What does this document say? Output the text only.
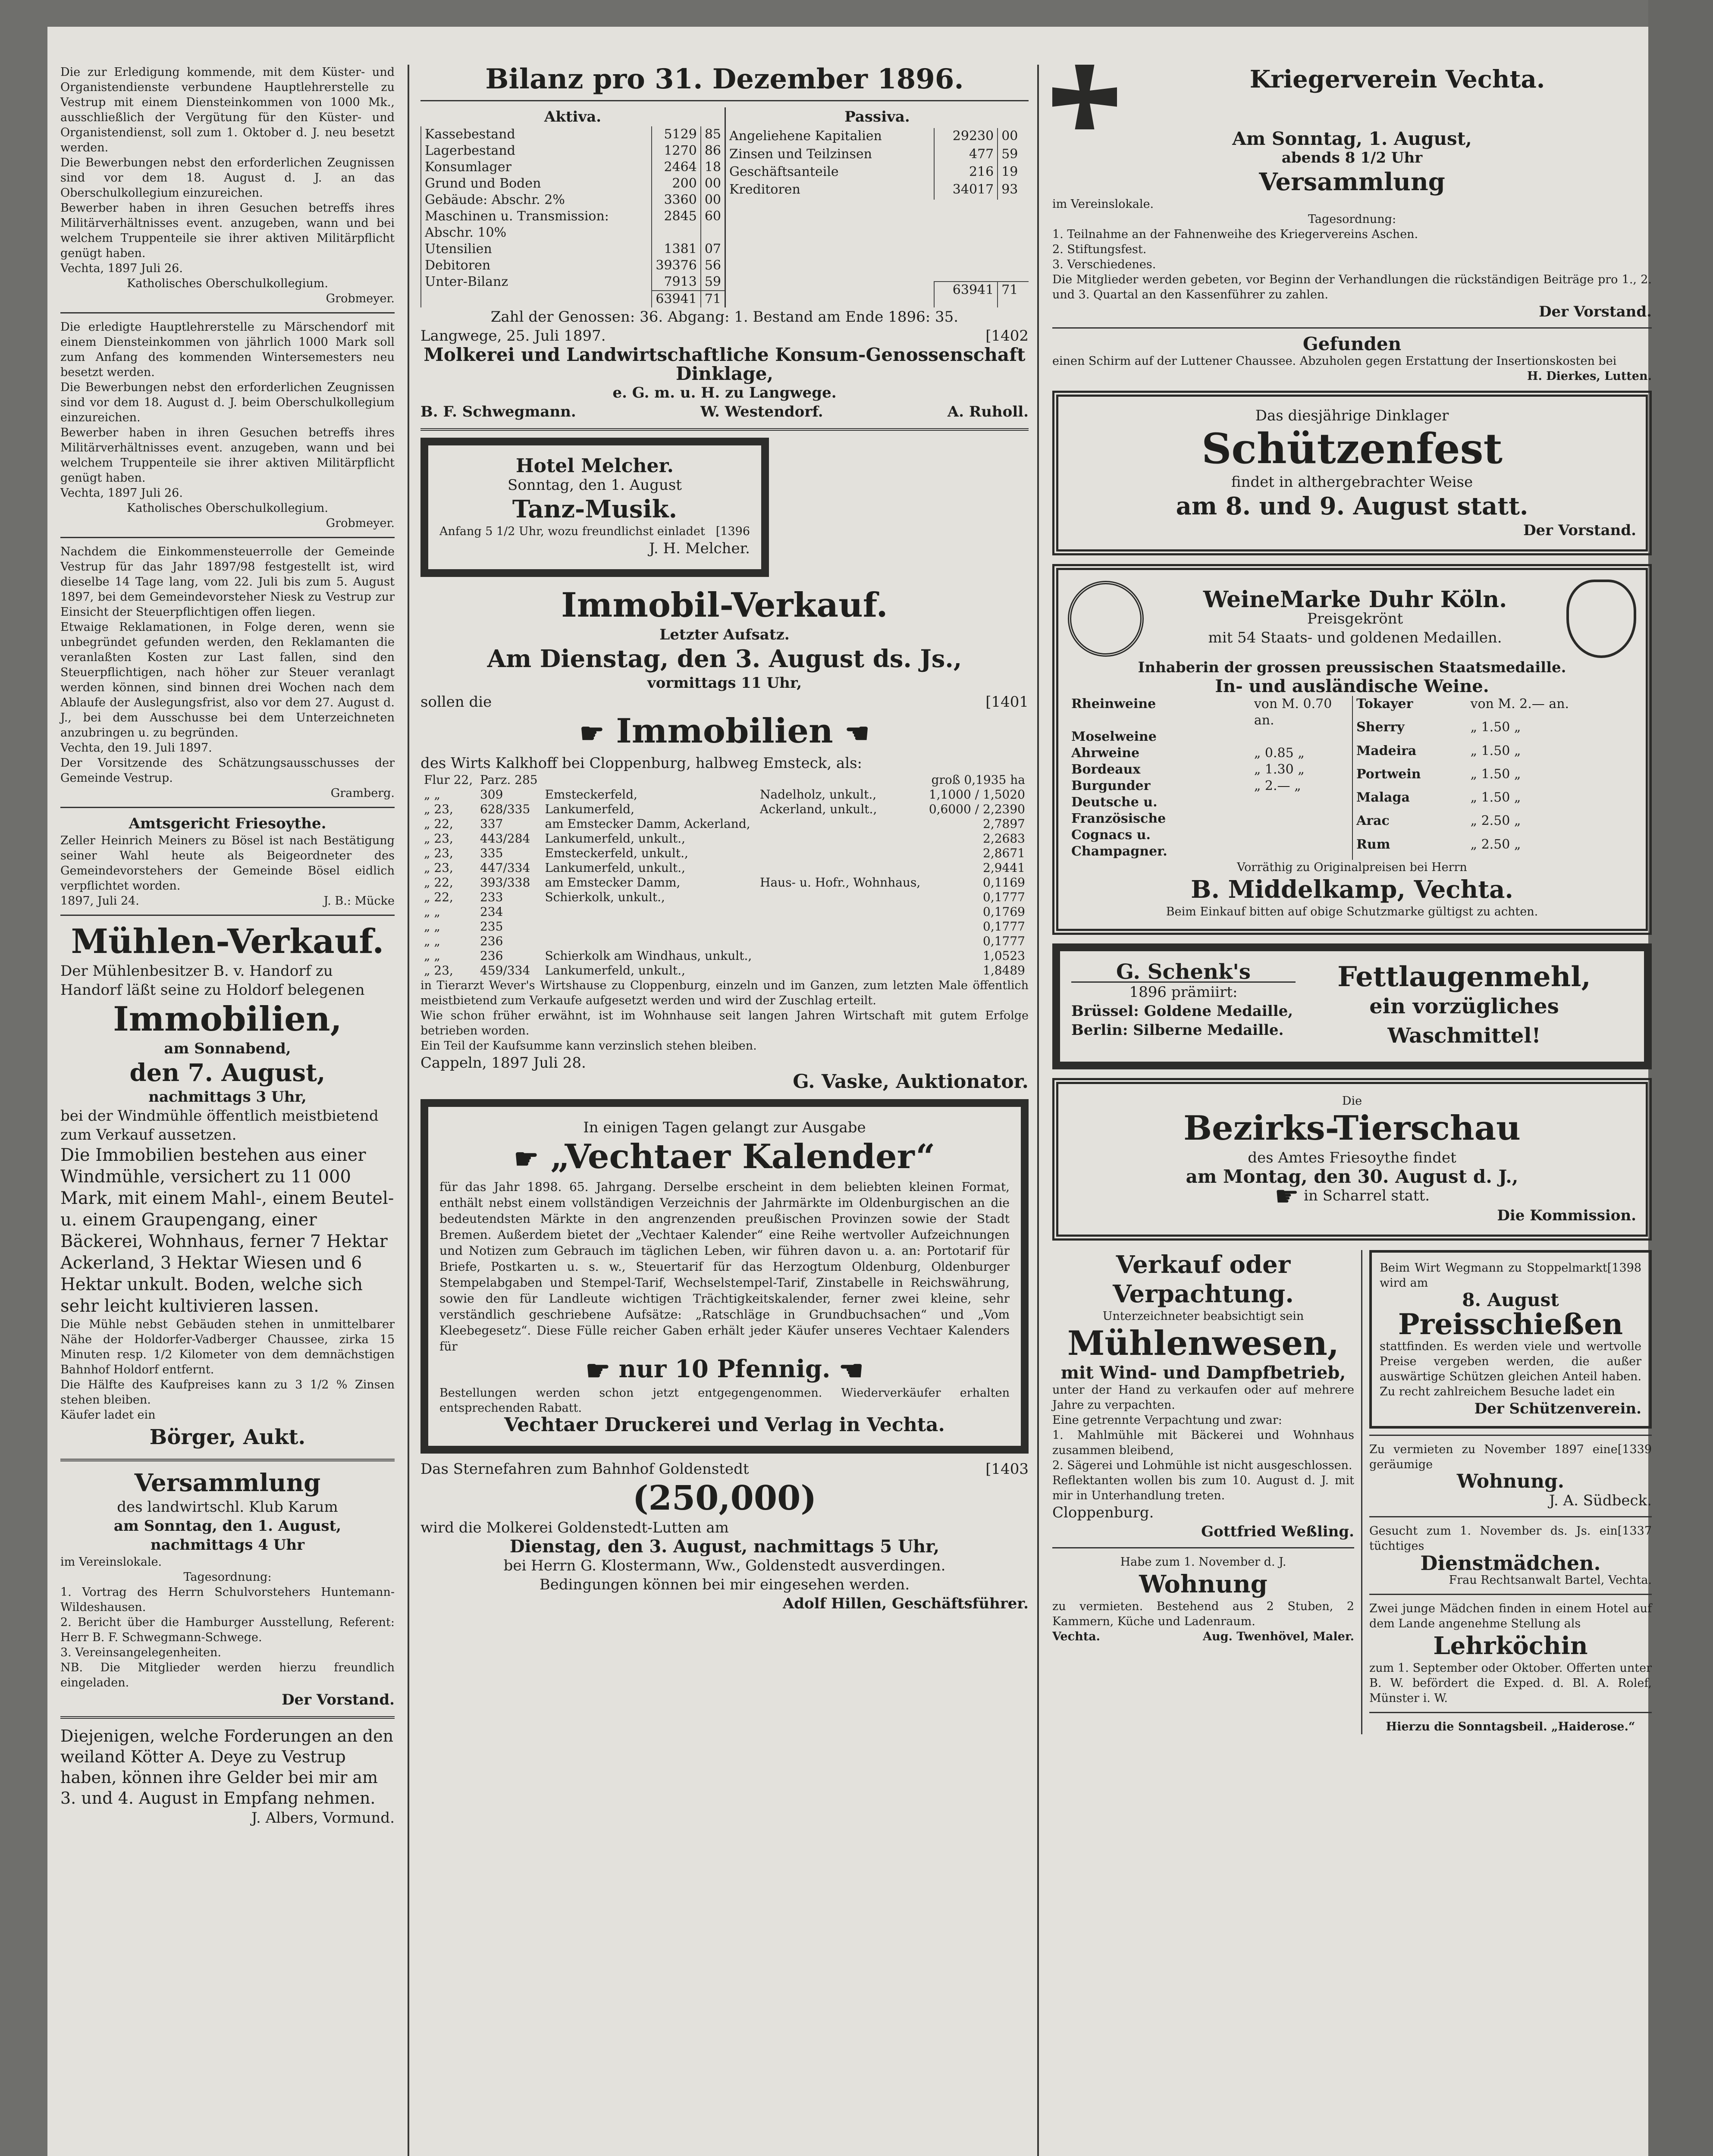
Die zur Erledigung kommende, mit dem Küster- und Organistendienste verbundene Hauptlehrerstelle zu Vestrup mit einem Diensteinkommen von 1000 Mk., ausschließlich der Vergütung für den Küster- und Organistendienst, soll zum 1. Oktober d. J. neu besetzt werden.

Die Bewerbungen nebst den erforderlichen Zeugnissen sind vor dem 18. August d. J. an das Oberschulkollegium einzureichen.

Bewerber haben in ihren Gesuchen betreffs ihres Militärverhältnisses event. anzugeben, wann und bei welchem Truppenteile sie ihrer aktiven Militärpflicht genügt haben.

Vechta, 1897 Juli 26.

Katholisches Oberschulkollegium.

Grobmeyer.

Die erledigte Hauptlehrerstelle zu Märschendorf mit einem Diensteinkommen von jährlich 1000 Mark soll zum Anfang des kommenden Wintersemesters neu besetzt werden.

Die Bewerbungen nebst den erforderlichen Zeugnissen sind vor dem 18. August d. J. beim Oberschulkollegium einzureichen.

Bewerber haben in ihren Gesuchen betreffs ihres Militärverhältnisses event. anzugeben, wann und bei welchem Truppenteile sie ihrer aktiven Militärpflicht genügt haben.

Vechta, 1897 Juli 26.

Katholisches Oberschulkollegium.

Grobmeyer.

Nachdem die Einkommensteuerrolle der Gemeinde Vestrup für das Jahr 1897/98 festgestellt ist, wird dieselbe 14 Tage lang, vom 22. Juli bis zum 5. August 1897, bei dem Gemeindevorsteher Niesk zu Vestrup zur Einsicht der Steuerpflichtigen offen liegen.

Etwaige Reklamationen, in Folge deren, wenn sie unbegründet gefunden werden, den Reklamanten die veranlaßten Kosten zur Last fallen, sind den Steuerpflichtigen, nach höher zur Steuer veranlagt werden können, sind binnen drei Wochen nach dem Ablaufe der Auslegungsfrist, also vor dem 27. August d. J., bei dem Ausschusse bei dem Unterzeichneten anzubringen u. zu begründen.

Vechta, den 19. Juli 1897.

Der Vorsitzende des Schätzungsausschusses der Gemeinde Vestrup.

Gramberg.

Amtsgericht Friesoythe.

Zeller Heinrich Meiners zu Bösel ist nach Bestätigung seiner Wahl heute als Beigeordneter des Gemeindevorstehers der Gemeinde Bösel eidlich verpflichtet worden.

1897, Juli 24.	J. B.: Mücke

Mühlen-Verkauf.

Der Mühlenbesitzer B. v. Handorf zu Handorf läßt seine zu Holdorf belegenen

Immobilien,

am Sonnabend,

den 7. August,

nachmittags 3 Uhr,

bei der Windmühle öffentlich meistbietend zum Verkauf aussetzen.

Die Immobilien bestehen aus einer Windmühle, versichert zu 11 000 Mark, mit einem Mahl-, einem Beutel- u. einem Graupengang, einer Bäckerei, Wohnhaus, ferner 7 Hektar Ackerland, 3 Hektar Wiesen und 6 Hektar unkult. Boden, welche sich sehr leicht kultivieren lassen.

Die Mühle nebst Gebäuden stehen in unmittelbarer Nähe der Holdorfer-Vadberger Chaussee, zirka 15 Minuten resp. 1/2 Kilometer von dem demnächstigen Bahnhof Holdorf entfernt.

Die Hälfte des Kaufpreises kann zu 3 1/2 % Zinsen stehen bleiben.

Käufer ladet ein

Börger, Aukt.

Versammlung

des landwirtschl. Klub Karum

am Sonntag, den 1. August, nachmittags 4 Uhr

im Vereinslokale.

Tagesordnung:

1. Vortrag des Herrn Schulvorstehers Huntemann-Wildeshausen.

2. Bericht über die Hamburger Ausstellung, Referent: Herr B. F. Schwegmann-Schwege.

3. Vereinsangelegenheiten.

NB. Die Mitglieder werden hierzu freundlich eingeladen.

Der Vorstand.

Diejenigen, welche Forderungen an den weiland Kötter A. Deye zu Vestrup haben, können ihre Gelder bei mir am 3. und 4. August in Empfang nehmen.

J. Albers, Vormund.

Bilanz pro 31. Dezember 1896.

Aktiva.		
Kassebestand	5129	85
Lagerbestand	1270	86
Konsumlager	2464	18
Grund und Boden	200	00
Gebäude: Abschr. 2%	3360	00
Maschinen u. Transmission: Abschr. 10%	2845	60
Utensilien	1381	07
Debitoren	39376	56
Unter-Bilanz	7913	59
	63941	71
Passiva.		
Angeliehene Kapitalien	29230	00
Zinsen und Teilzinsen	477	59
Geschäftsanteile	216	19
Kreditoren	34017	93

	63941	71

Zahl der Genossen: 36. Abgang: 1. Bestand am Ende 1896: 35.

Langwege, 25. Juli 1897.	[1402

Molkerei und Landwirtschaftliche Konsum-Genossenschaft Dinklage,

e. G. m. u. H. zu Langwege.

B. F. Schwegmann.	W. Westendorf.	A. Ruholl.

Hotel Melcher.

Sonntag, den 1. August

Tanz-Musik.

Anfang 5 1/2 Uhr, wozu freundlichst einladet [1396

J. H. Melcher.

Immobil-Verkauf.

Letzter Aufsatz.

Am Dienstag, den 3. August ds. Js.,

vormittags 11 Uhr,

sollen die	[1401

☛ Immobilien ☚

des Wirts Kalkhoff bei Cloppenburg, halbweg Emsteck, als:

Flur 22,	Parz. 285			groß 0,1935 ha
„ „	309	Emsteckerfeld,	Nadelholz, unkult.,	1,1000 / 1,5020
„ 23,	628/335	Lankumerfeld,	Ackerland, unkult.,	0,6000 / 2,2390
„ 22,	337	am Emstecker Damm, Ackerland,		2,7897
„ 23,	443/284	Lankumerfeld, unkult.,		2,2683
„ 23,	335	Emsteckerfeld, unkult.,		2,8671
„ 23,	447/334	Lankumerfeld, unkult.,		2,9441
„ 22,	393/338	am Emstecker Damm,	Haus- u. Hofr., Wohnhaus,	0,1169
„ 22,	233	Schierkolk, unkult.,		0,1777
„ „	234			0,1769
„ „	235			0,1777
„ „	236			0,1777
„ „	236	Schierkolk am Windhaus, unkult.,		1,0523
„ 23,	459/334	Lankumerfeld, unkult.,		1,8489

in Tierarzt Wever's Wirtshause zu Cloppenburg, einzeln und im Ganzen, zum letzten Male öffentlich meistbietend zum Verkaufe aufgesetzt werden und wird der Zuschlag erteilt.

Wie schon früher erwähnt, ist im Wohnhause seit langen Jahren Wirtschaft mit gutem Erfolge betrieben worden.

Ein Teil der Kaufsumme kann verzinslich stehen bleiben.

Cappeln, 1897 Juli 28.

G. Vaske, Auktionator.

In einigen Tagen gelangt zur Ausgabe

☛ „Vechtaer Kalender“

für das Jahr 1898. 65. Jahrgang. Derselbe erscheint in dem beliebten kleinen Format, enthält nebst einem vollständigen Verzeichnis der Jahrmärkte im Oldenburgischen an die bedeutendsten Märkte in den angrenzenden preußischen Provinzen sowie der Stadt Bremen. Außerdem bietet der „Vechtaer Kalender“ eine Reihe wertvoller Aufzeichnungen und Notizen zum Gebrauch im täglichen Leben, wir führen davon u. a. an: Portotarif für Briefe, Postkarten u. s. w., Steuertarif für das Herzogtum Oldenburg, Oldenburger Stempelabgaben und Stempel-Tarif, Wechselstempel-Tarif, Zinstabelle in Reichswährung, sowie den für Landleute wichtigen Trächtigkeitskalender, ferner zwei kleine, sehr verständlich geschriebene Aufsätze: „Ratschläge in Grundbuchsachen“ und „Vom Kleebegesetz“. Diese Fülle reicher Gaben erhält jeder Käufer unseres Vechtaer Kalenders für

☛ nur 10 Pfennig. ☚

Bestellungen werden schon jetzt entgegengenommen. Wiederverkäufer erhalten entsprechenden Rabatt.

Vechtaer Druckerei und Verlag in Vechta.

Das Sternefahren zum Bahnhof Goldenstedt	[1403

(250,000)

wird die Molkerei Goldenstedt-Lutten am

Dienstag, den 3. August, nachmittags 5 Uhr,

bei Herrn G. Klostermann, Ww., Goldenstedt ausverdingen.

Bedingungen können bei mir eingesehen werden.

Adolf Hillen, Geschäftsführer.

Kriegerverein Vechta.

Am Sonntag, 1. August,

abends 8 1/2 Uhr

Versammlung

im Vereinslokale.

Tagesordnung:

1. Teilnahme an der Fahnenweihe des Kriegervereins Aschen.

2. Stiftungsfest.

3. Verschiedenes.

Die Mitglieder werden gebeten, vor Beginn der Verhandlungen die rückständigen Beiträge pro 1., 2. und 3. Quartal an den Kassenführer zu zahlen.

Der Vorstand.

Gefunden

einen Schirm auf der Luttener Chaussee. Abzuholen gegen Erstattung der Insertionskosten bei

H. Dierkes, Lutten.

Das diesjährige Dinklager

Schützenfest

findet in althergebrachter Weise

am 8. und 9. August statt.

Der Vorstand.

WeineMarke Duhr Köln.

Preisgekrönt

mit 54 Staats- und goldenen Medaillen.

Inhaberin der grossen preussischen Staatsmedaille.

In- und ausländische Weine.

Rheinweine	von M. 0.70 an.
Moselweine	
Ahrweine	„ 0.85 „
Bordeaux	„ 1.30 „
Burgunder	„ 2.— „
Deutsche u. Französische	
Cognacs u. Champagner.	
Tokayer	von M. 2.— an.
Sherry	„ 1.50 „
Madeira	„ 1.50 „
Portwein	„ 1.50 „
Malaga	„ 1.50 „
Arac	„ 2.50 „
Rum	„ 2.50 „

Vorräthig zu Originalpreisen bei Herrn

B. Middelkamp, Vechta.

Beim Einkauf bitten auf obige Schutzmarke gültigst zu achten.

G. Schenk's

1896 prämiirt:

Brüssel: Goldene Medaille,

Berlin: Silberne Medaille.

Fettlaugenmehl,

ein vorzügliches Waschmittel!

Die

Bezirks-Tierschau

des Amtes Friesoythe findet

am Montag, den 30. August d. J.,

☛ in Scharrel statt.

Die Kommission.

Verkauf oder

Verpachtung.

Unterzeichneter beabsichtigt sein

Mühlenwesen,

mit Wind- und Dampfbetrieb,

unter der Hand zu verkaufen oder auf mehrere Jahre zu verpachten.

Eine getrennte Verpachtung und zwar:

1. Mahlmühle mit Bäckerei und Wohnhaus zusammen bleibend,

2. Sägerei und Lohmühle ist nicht ausgeschlossen.

Reflektanten wollen bis zum 10. August d. J. mit mir in Unterhandlung treten.

Cloppenburg.

Gottfried Weßling.

Habe zum 1. November d. J.

Wohnung

zu vermieten. Bestehend aus 2 Stuben, 2 Kammern, Küche und Ladenraum.

Vechta.	Aug. Twenhövel, Maler.
Beim Wirt Wegmann zu Stoppelmarkt wird am
[1398

8. August

Preisschießen

stattfinden. Es werden viele und wertvolle Preise vergeben werden, die außer auswärtige Schützen gleichen Anteil haben. Zu recht zahlreichem Besuche ladet ein

Der Schützenverein.

Zu vermieten zu November 1897 eine geräumige
[1339

Wohnung.

J. A. Südbeck.

Gesucht zum 1. November ds. Js. ein tüchtiges
[1337

Dienstmädchen.

Frau Rechtsanwalt Bartel, Vechta.

Zwei junge Mädchen finden in einem Hotel auf dem Lande angenehme Stellung als

Lehrköchin

zum 1. September oder Oktober. Offerten unter B. W. befördert die Exped. d. Bl. A. Rolef, Münster i. W.

Hierzu die Sonntagsbeil. „Haiderose.“
